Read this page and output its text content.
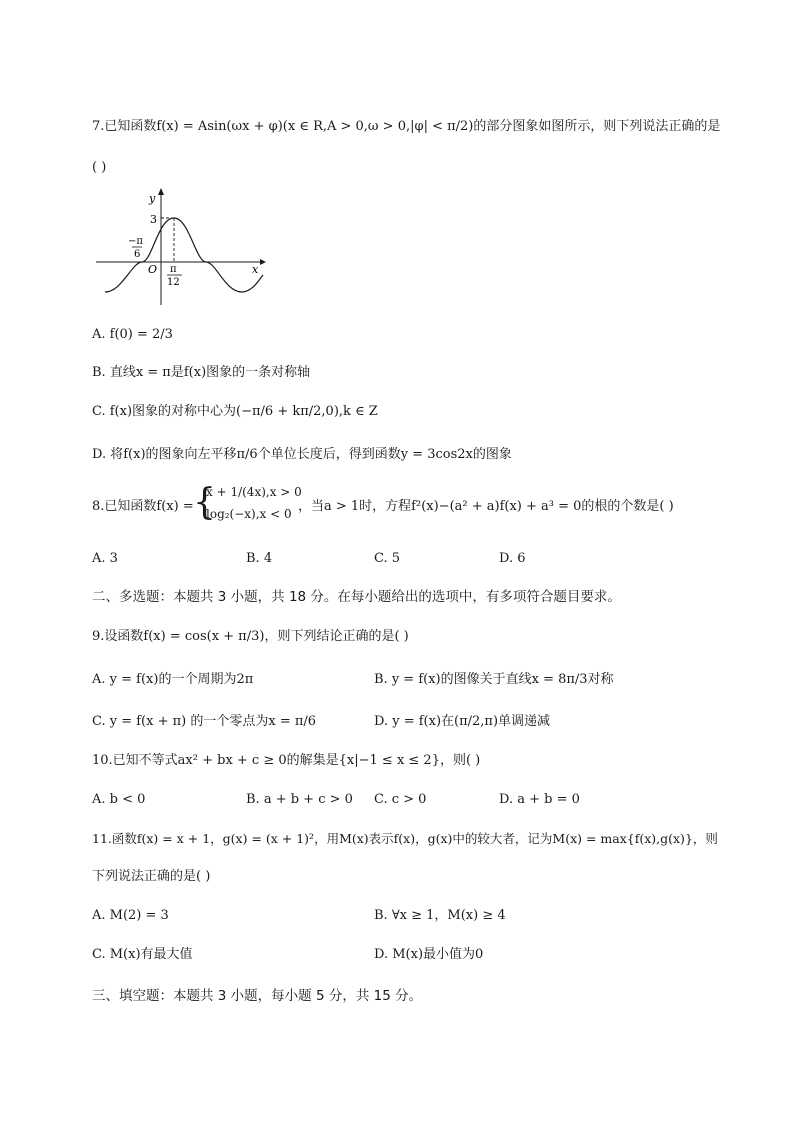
7.已知函数f(x) = Asin(ωx + φ)(x ∈ R,A > 0,ω > 0,|φ| < π/2)的部分图象如图所示，则下列说法正确的是
( )
y
x
O
3
−π
6
π
12
A. f(0) = 2/3
B. 直线x = π是f(x)图象的一条对称轴
C. f(x)图象的对称中心为(−π/6 + kπ/2,0),k ∈ Z
D. 将f(x)的图象向左平移π/6个单位长度后，得到函数y = 3cos2x的图象
8.已知函数f(x) = {
x + 1/(4x),x > 0
log₂(−x),x < 0 ，当a > 1时，方程f²(x)−(a² + a)f(x) + a³ = 0的根的个数是( )
A. 3	B. 4	C. 5	D. 6
二、多选题：本题共 3 小题，共 18 分。在每小题给出的选项中，有多项符合题目要求。
9.设函数f(x) = cos(x + π/3)，则下列结论正确的是( )
A. y = f(x)的一个周期为2π	B. y = f(x)的图像关于直线x = 8π/3对称
C. y = f(x + π) 的一个零点为x = π/6	D. y = f(x)在(π/2,π)单调递减
10.已知不等式ax² + bx + c ≥ 0的解集是{x|−1 ≤ x ≤ 2}，则( )
A. b < 0	B. a + b + c > 0 C. c > 0	D. a + b = 0
11.函数f(x) = x + 1，g(x) = (x + 1)²，用M(x)表示f(x)，g(x)中的较大者，记为M(x) = max{f(x),g(x)}，则
下列说法正确的是( )
A. M(2) = 3	B. ∀x ≥ 1，M(x) ≥ 4
C. M(x)有最大值	D. M(x)最小值为0
三、填空题：本题共 3 小题，每小题 5 分，共 15 分。
